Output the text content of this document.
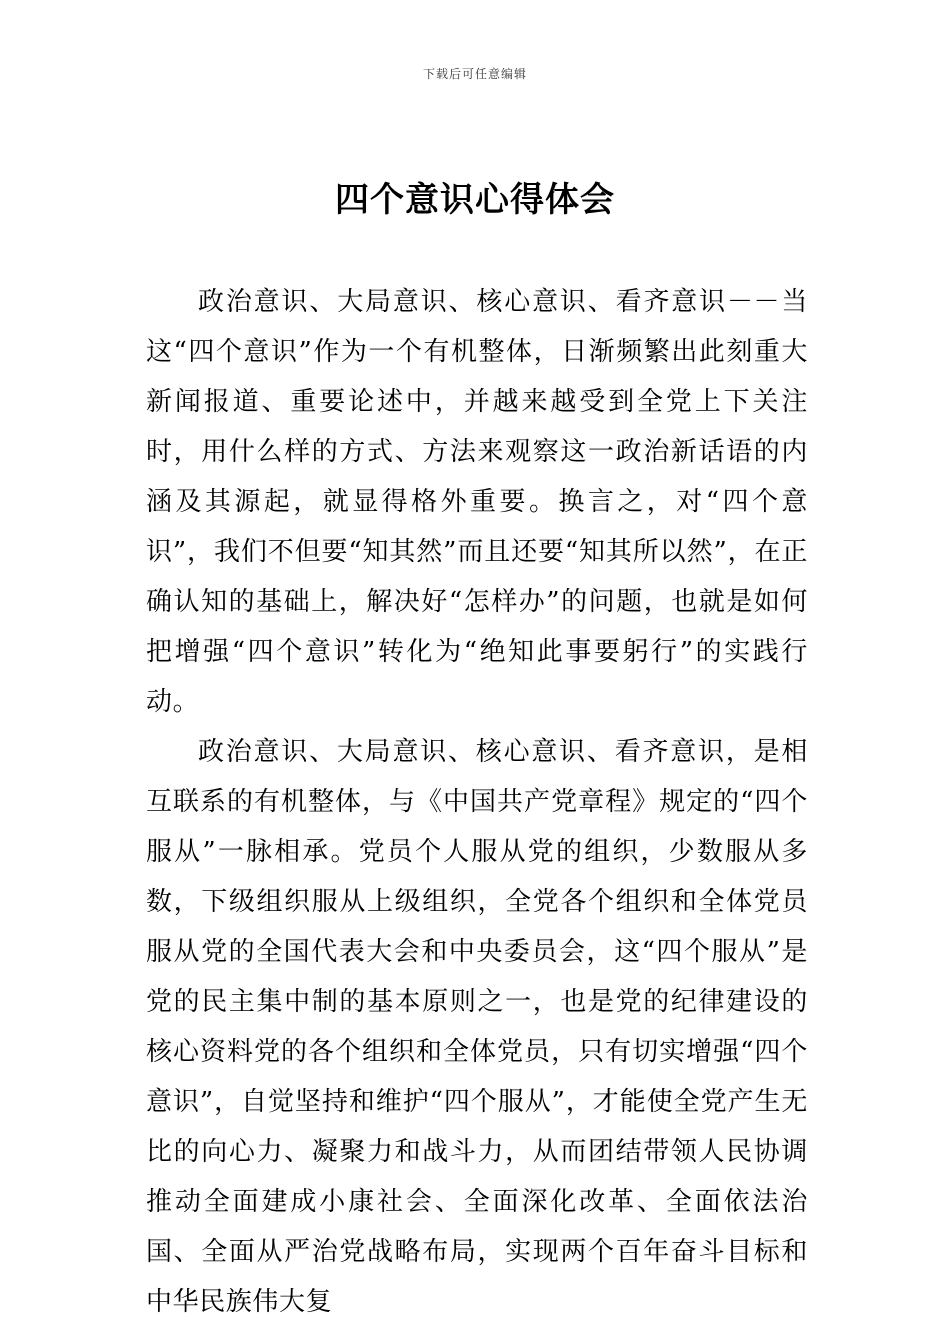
下载后可任意编辑
四个意识心得体会

政治意识、大局意识、核心意识、看齐意识－－当这“四个意识”作为一个有机整体，日渐频繁出此刻重大新闻报道、重要论述中，并越来越受到全党上下关注时，用什么样的方式、方法来观察这一政治新话语的内涵及其源起，就显得格外重要。换言之，对“四个意识”，我们不但要“知其然”而且还要“知其所以然”，在正确认知的基础上，解决好“怎样办”的问题，也就是如何把增强“四个意识”转化为“绝知此事要躬行”的实践行动。

政治意识、大局意识、核心意识、看齐意识，是相互联系的有机整体，与《中国共产党章程》规定的“四个服从”一脉相承。党员个人服从党的组织，少数服从多数，下级组织服从上级组织，全党各个组织和全体党员服从党的全国代表大会和中央委员会，这“四个服从”是党的民主集中制的基本原则之一，也是党的纪律建设的核心资料党的各个组织和全体党员，只有切实增强“四个意识”，自觉坚持和维护“四个服从”，才能使全党产生无比的向心力、凝聚力和战斗力，从而团结带领人民协调推动全面建成小康社会、全面深化改革、全面依法治国、全面从严治党战略布局，实现两个百年奋斗目标和中华民族伟大复
